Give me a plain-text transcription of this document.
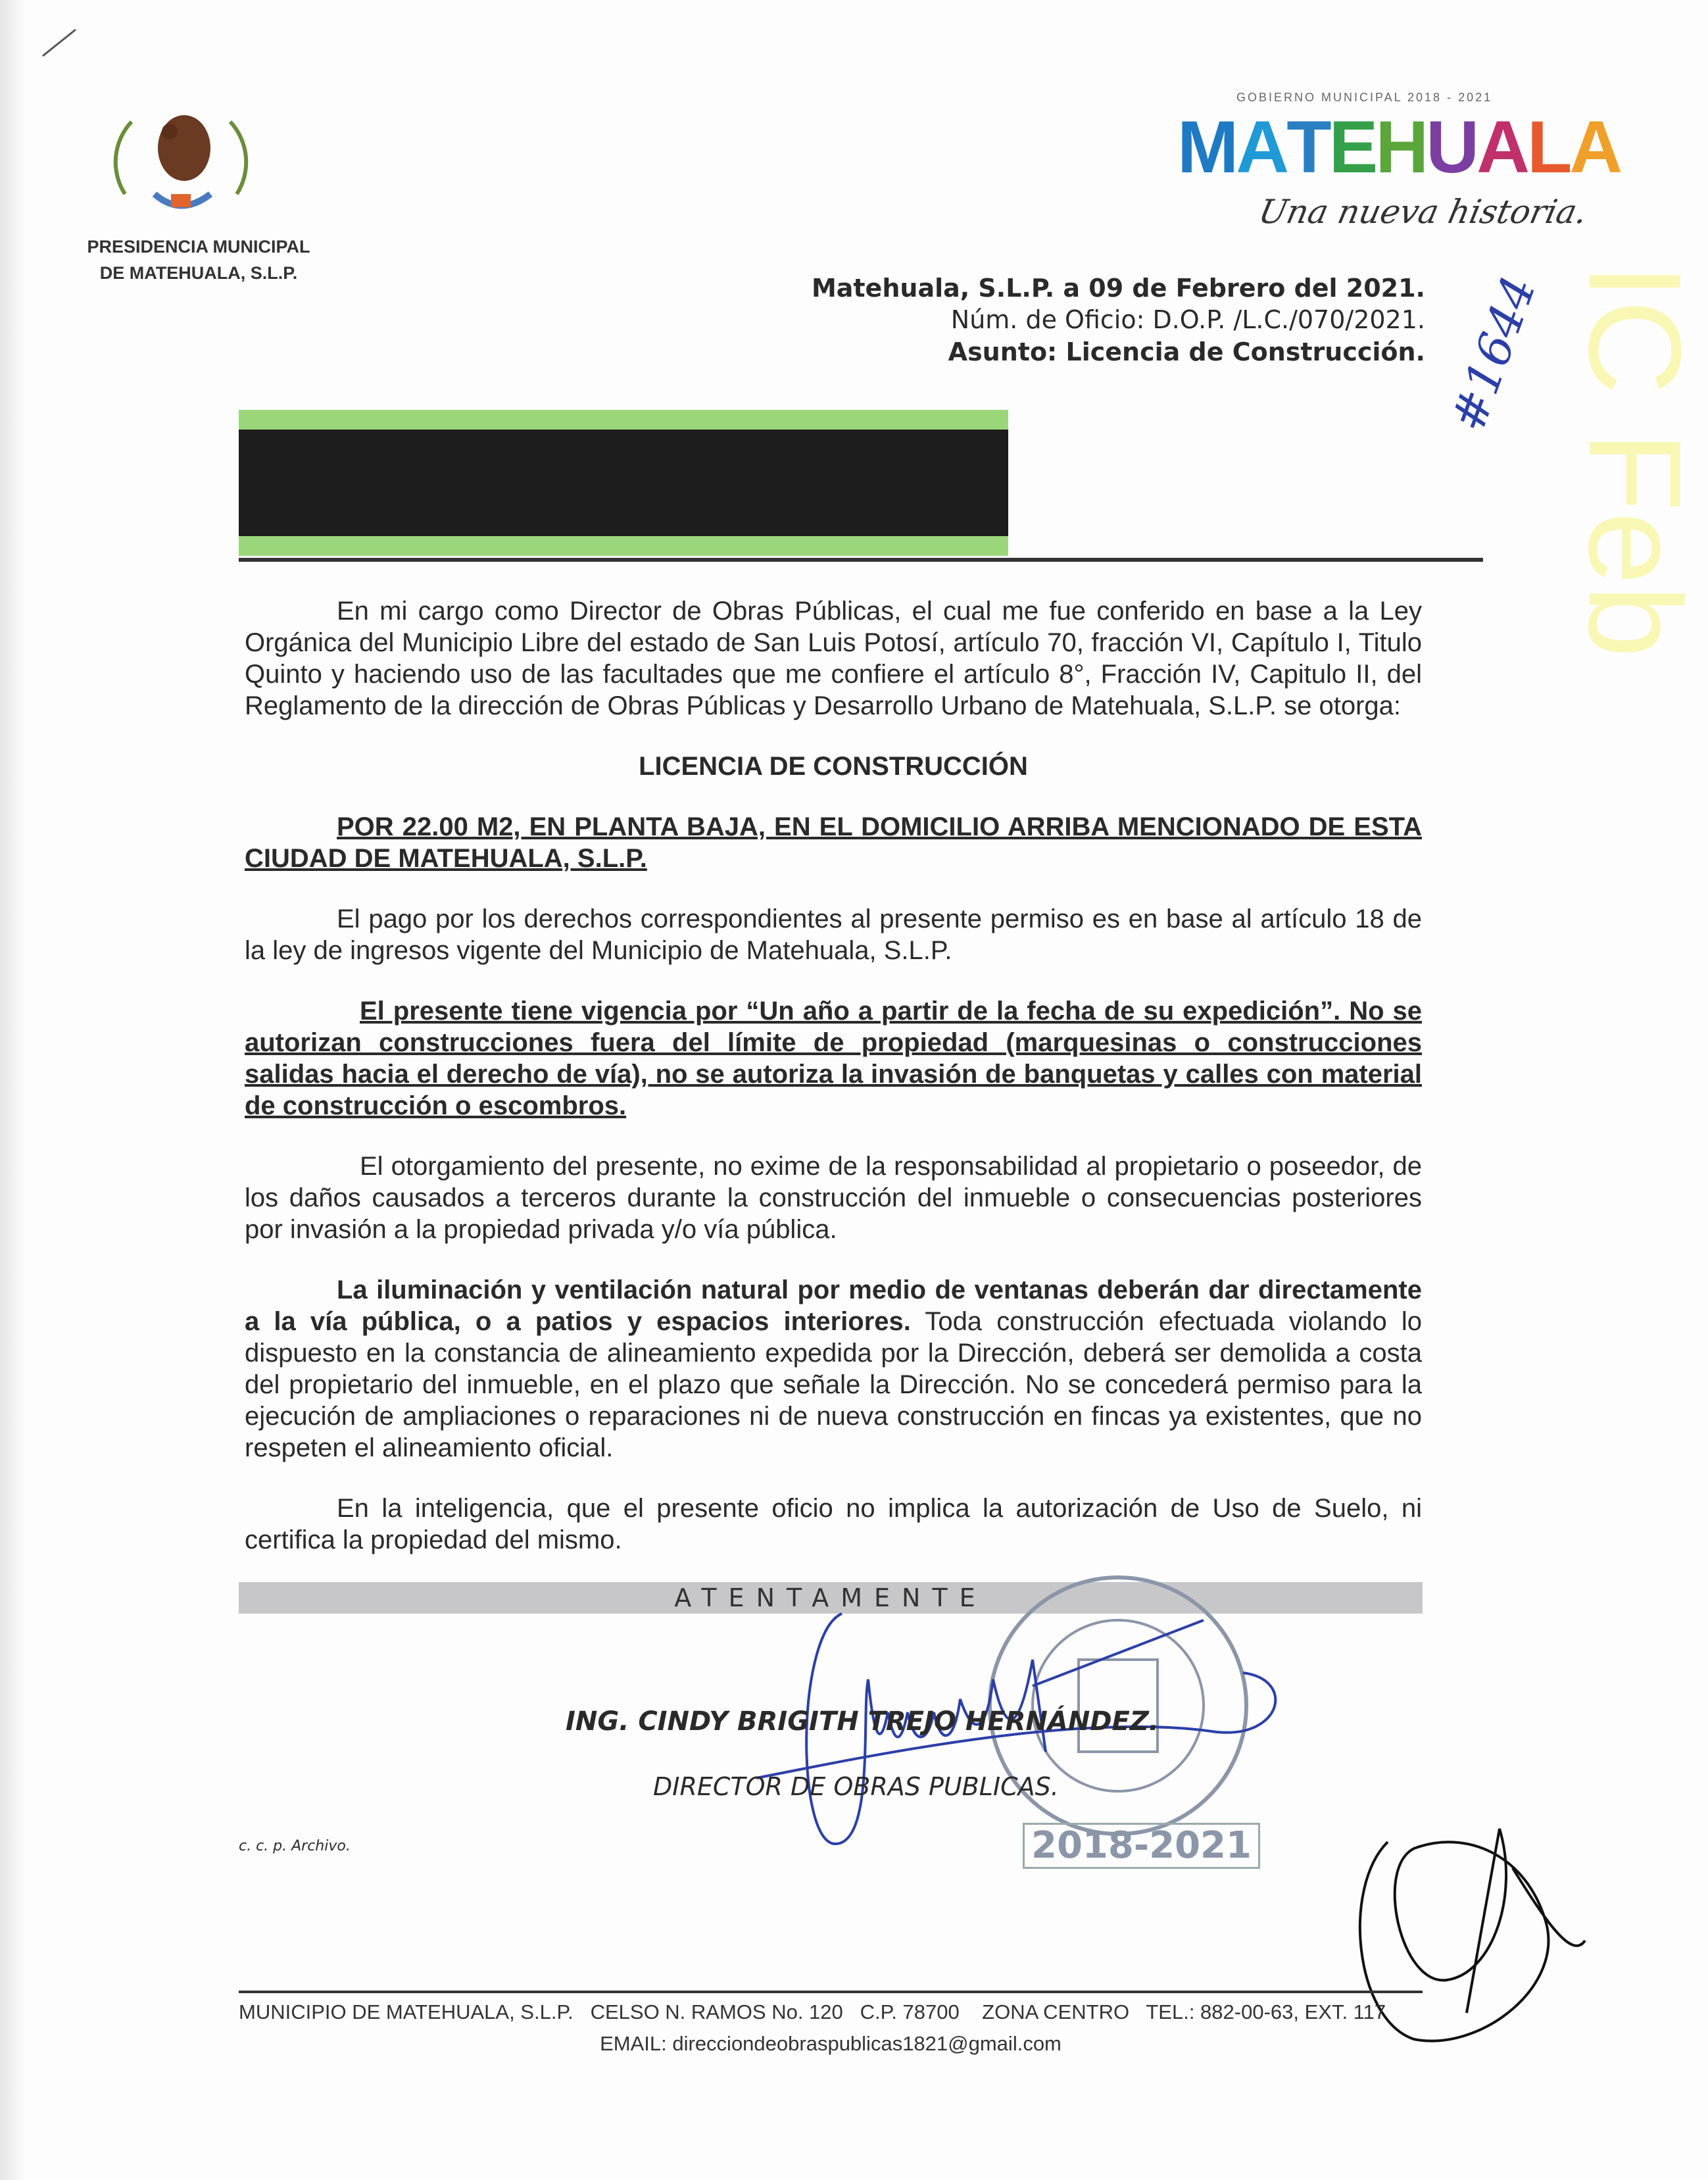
PRESIDENCIA MUNICIPAL
DE MATEHUALA, S.L.P.	IC Feb
GOBIERNO MUNICIPAL 2018 - 2021
MATEHUALA
Una nueva historia.
#1644
Matehuala, S.L.P. a 09 de Febrero del 2021.
Núm. de Oficio: D.O.P. /L.C./070/2021.
Asunto: Licencia de Construcción.
En mi cargo como Director de Obras Públicas, el cual me fue conferido en base a la Ley Orgánica del Municipio Libre del estado de San Luis Potosí, artículo 70, fracción VI, Capítulo I, Titulo Quinto y haciendo uso de las facultades que me confiere el artículo 8°, Fracción IV, Capitulo II, del Reglamento de la dirección de Obras Públicas y Desarrollo Urbano de Matehuala, S.L.P. se otorga:
LICENCIA DE CONSTRUCCIÓN
POR 22.00 M2, EN PLANTA BAJA, EN EL DOMICILIO ARRIBA MENCIONADO DE ESTA CIUDAD DE MATEHUALA, S.L.P.
El pago por los derechos correspondientes al presente permiso es en base al artículo 18 de la ley de ingresos vigente del Municipio de Matehuala, S.L.P.
El presente tiene vigencia por “Un año a partir de la fecha de su expedición”. No se autorizan construcciones fuera del límite de propiedad (marquesinas o construcciones salidas hacia el derecho de vía), no se autoriza la invasión de banquetas y calles con material de construcción o escombros.
El otorgamiento del presente, no exime de la responsabilidad al propietario o poseedor, de los daños causados a terceros durante la construcción del inmueble o consecuencias posteriores por invasión a la propiedad privada y/o vía pública.
La iluminación y ventilación natural por medio de ventanas deberán dar directamente a la vía pública, o a patios y espacios interiores. Toda construcción efectuada violando lo dispuesto en la constancia de alineamiento expedida por la Dirección, deberá ser demolida a costa del propietario del inmueble, en el plazo que señale la Dirección. No se concederá permiso para la ejecución de ampliaciones o reparaciones ni de nueva construcción en fincas ya existentes, que no respeten el alineamiento oficial.
En la inteligencia, que el presente oficio no implica la autorización de Uso de Suelo, ni certifica la propiedad del mismo.
ATENTAMENTE
ING. CINDY BRIGITH TREJO HERNÁNDEZ.
DIRECTOR DE OBRAS PUBLICAS.
c. c. p. Archivo.	2018-2021
MUNICIPIO DE MATEHUALA, S.L.P.   CELSO N. RAMOS No. 120   C.P. 78700    ZONA CENTRO   TEL.: 882-00-63, EXT. 117
EMAIL: direcciondeobraspublicas1821@gmail.com
